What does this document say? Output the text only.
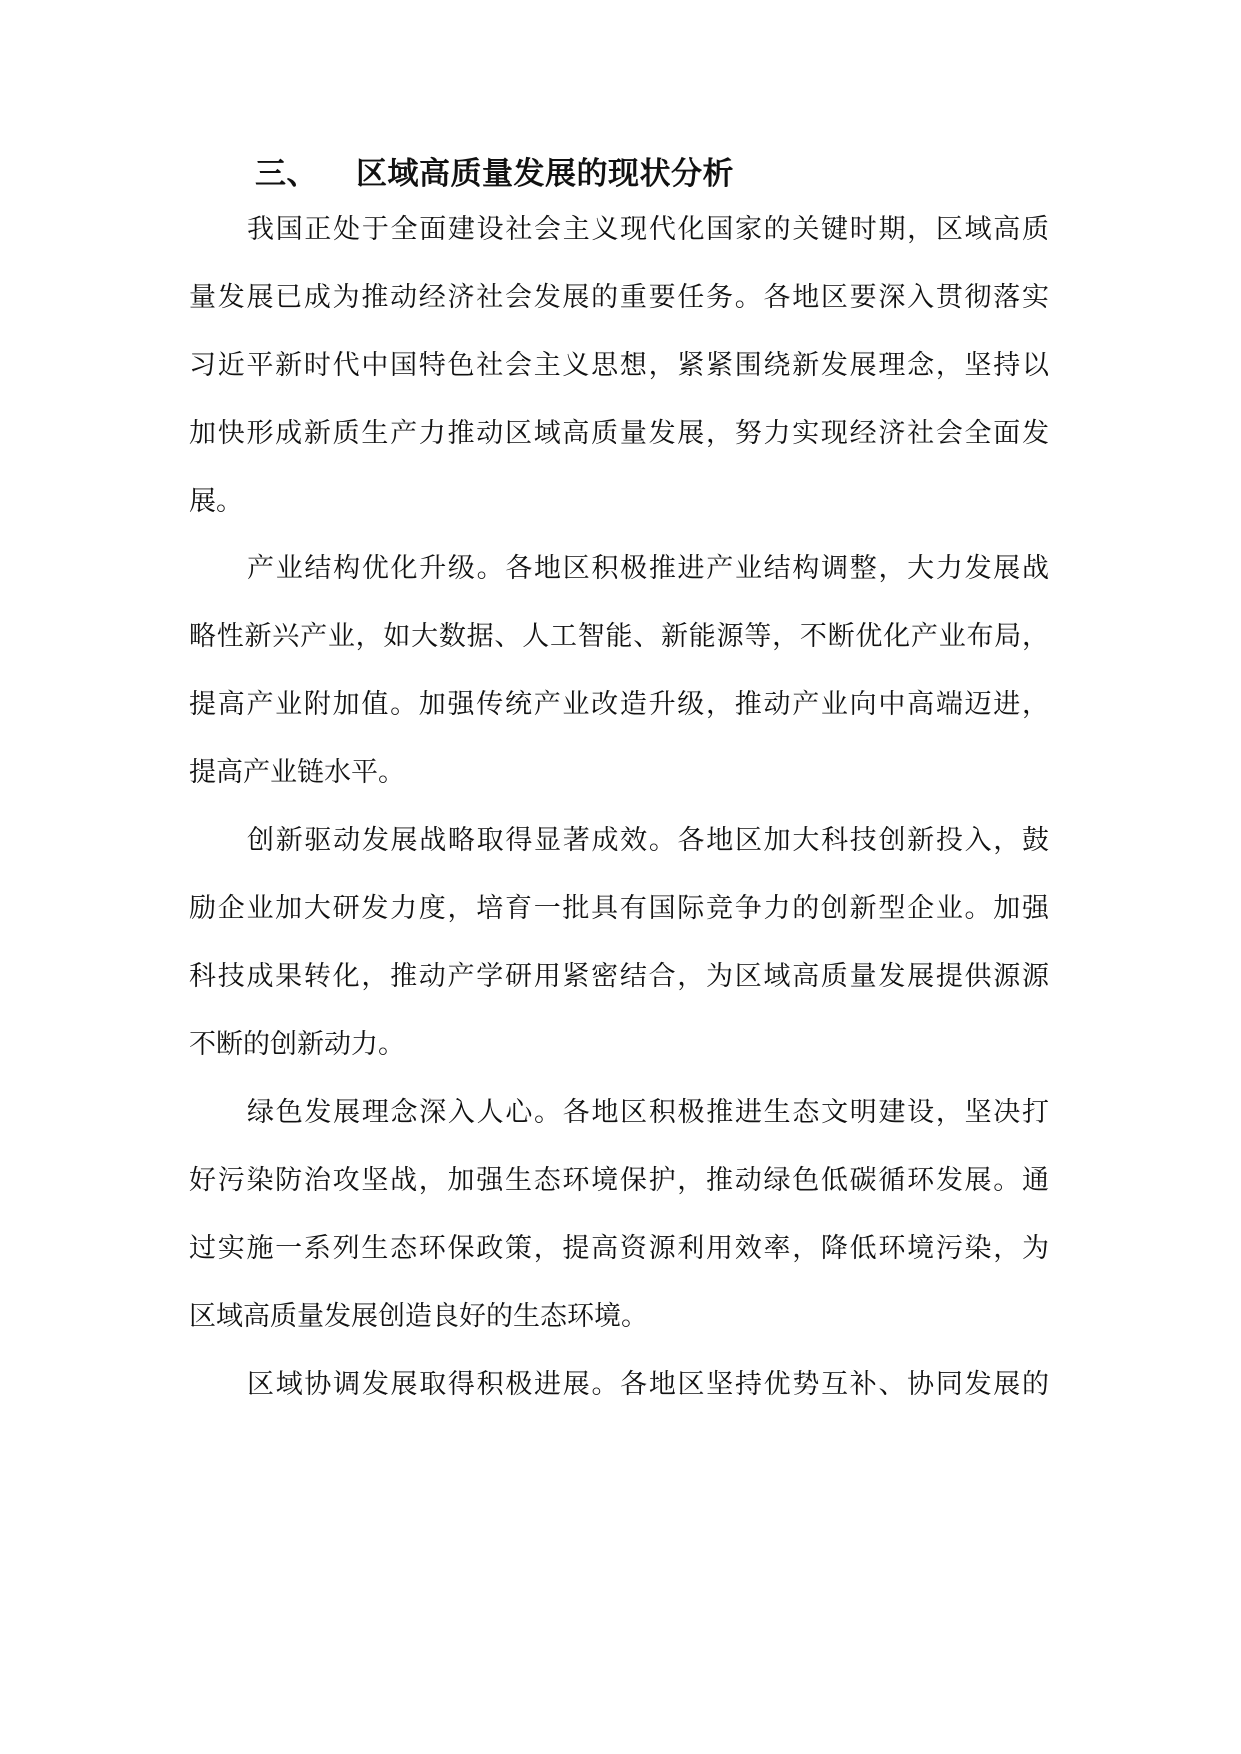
三、 区域高质量发展的现状分析

我国正处于全面建设社会主义现代化国家的关键时期，区域高质

量发展已成为推动经济社会发展的重要任务。各地区要深入贯彻落实

习近平新时代中国特色社会主义思想，紧紧围绕新发展理念，坚持以

加快形成新质生产力推动区域高质量发展，努力实现经济社会全面发

展。

产业结构优化升级。各地区积极推进产业结构调整，大力发展战

略性新兴产业，如大数据、人工智能、新能源等，不断优化产业布局，

提高产业附加值。加强传统产业改造升级，推动产业向中高端迈进，

提高产业链水平。

创新驱动发展战略取得显著成效。各地区加大科技创新投入，鼓

励企业加大研发力度，培育一批具有国际竞争力的创新型企业。加强

科技成果转化，推动产学研用紧密结合，为区域高质量发展提供源源

不断的创新动力。

绿色发展理念深入人心。各地区积极推进生态文明建设，坚决打

好污染防治攻坚战，加强生态环境保护，推动绿色低碳循环发展。通

过实施一系列生态环保政策，提高资源利用效率，降低环境污染，为

区域高质量发展创造良好的生态环境。

区域协调发展取得积极进展。各地区坚持优势互补、协同发展的
